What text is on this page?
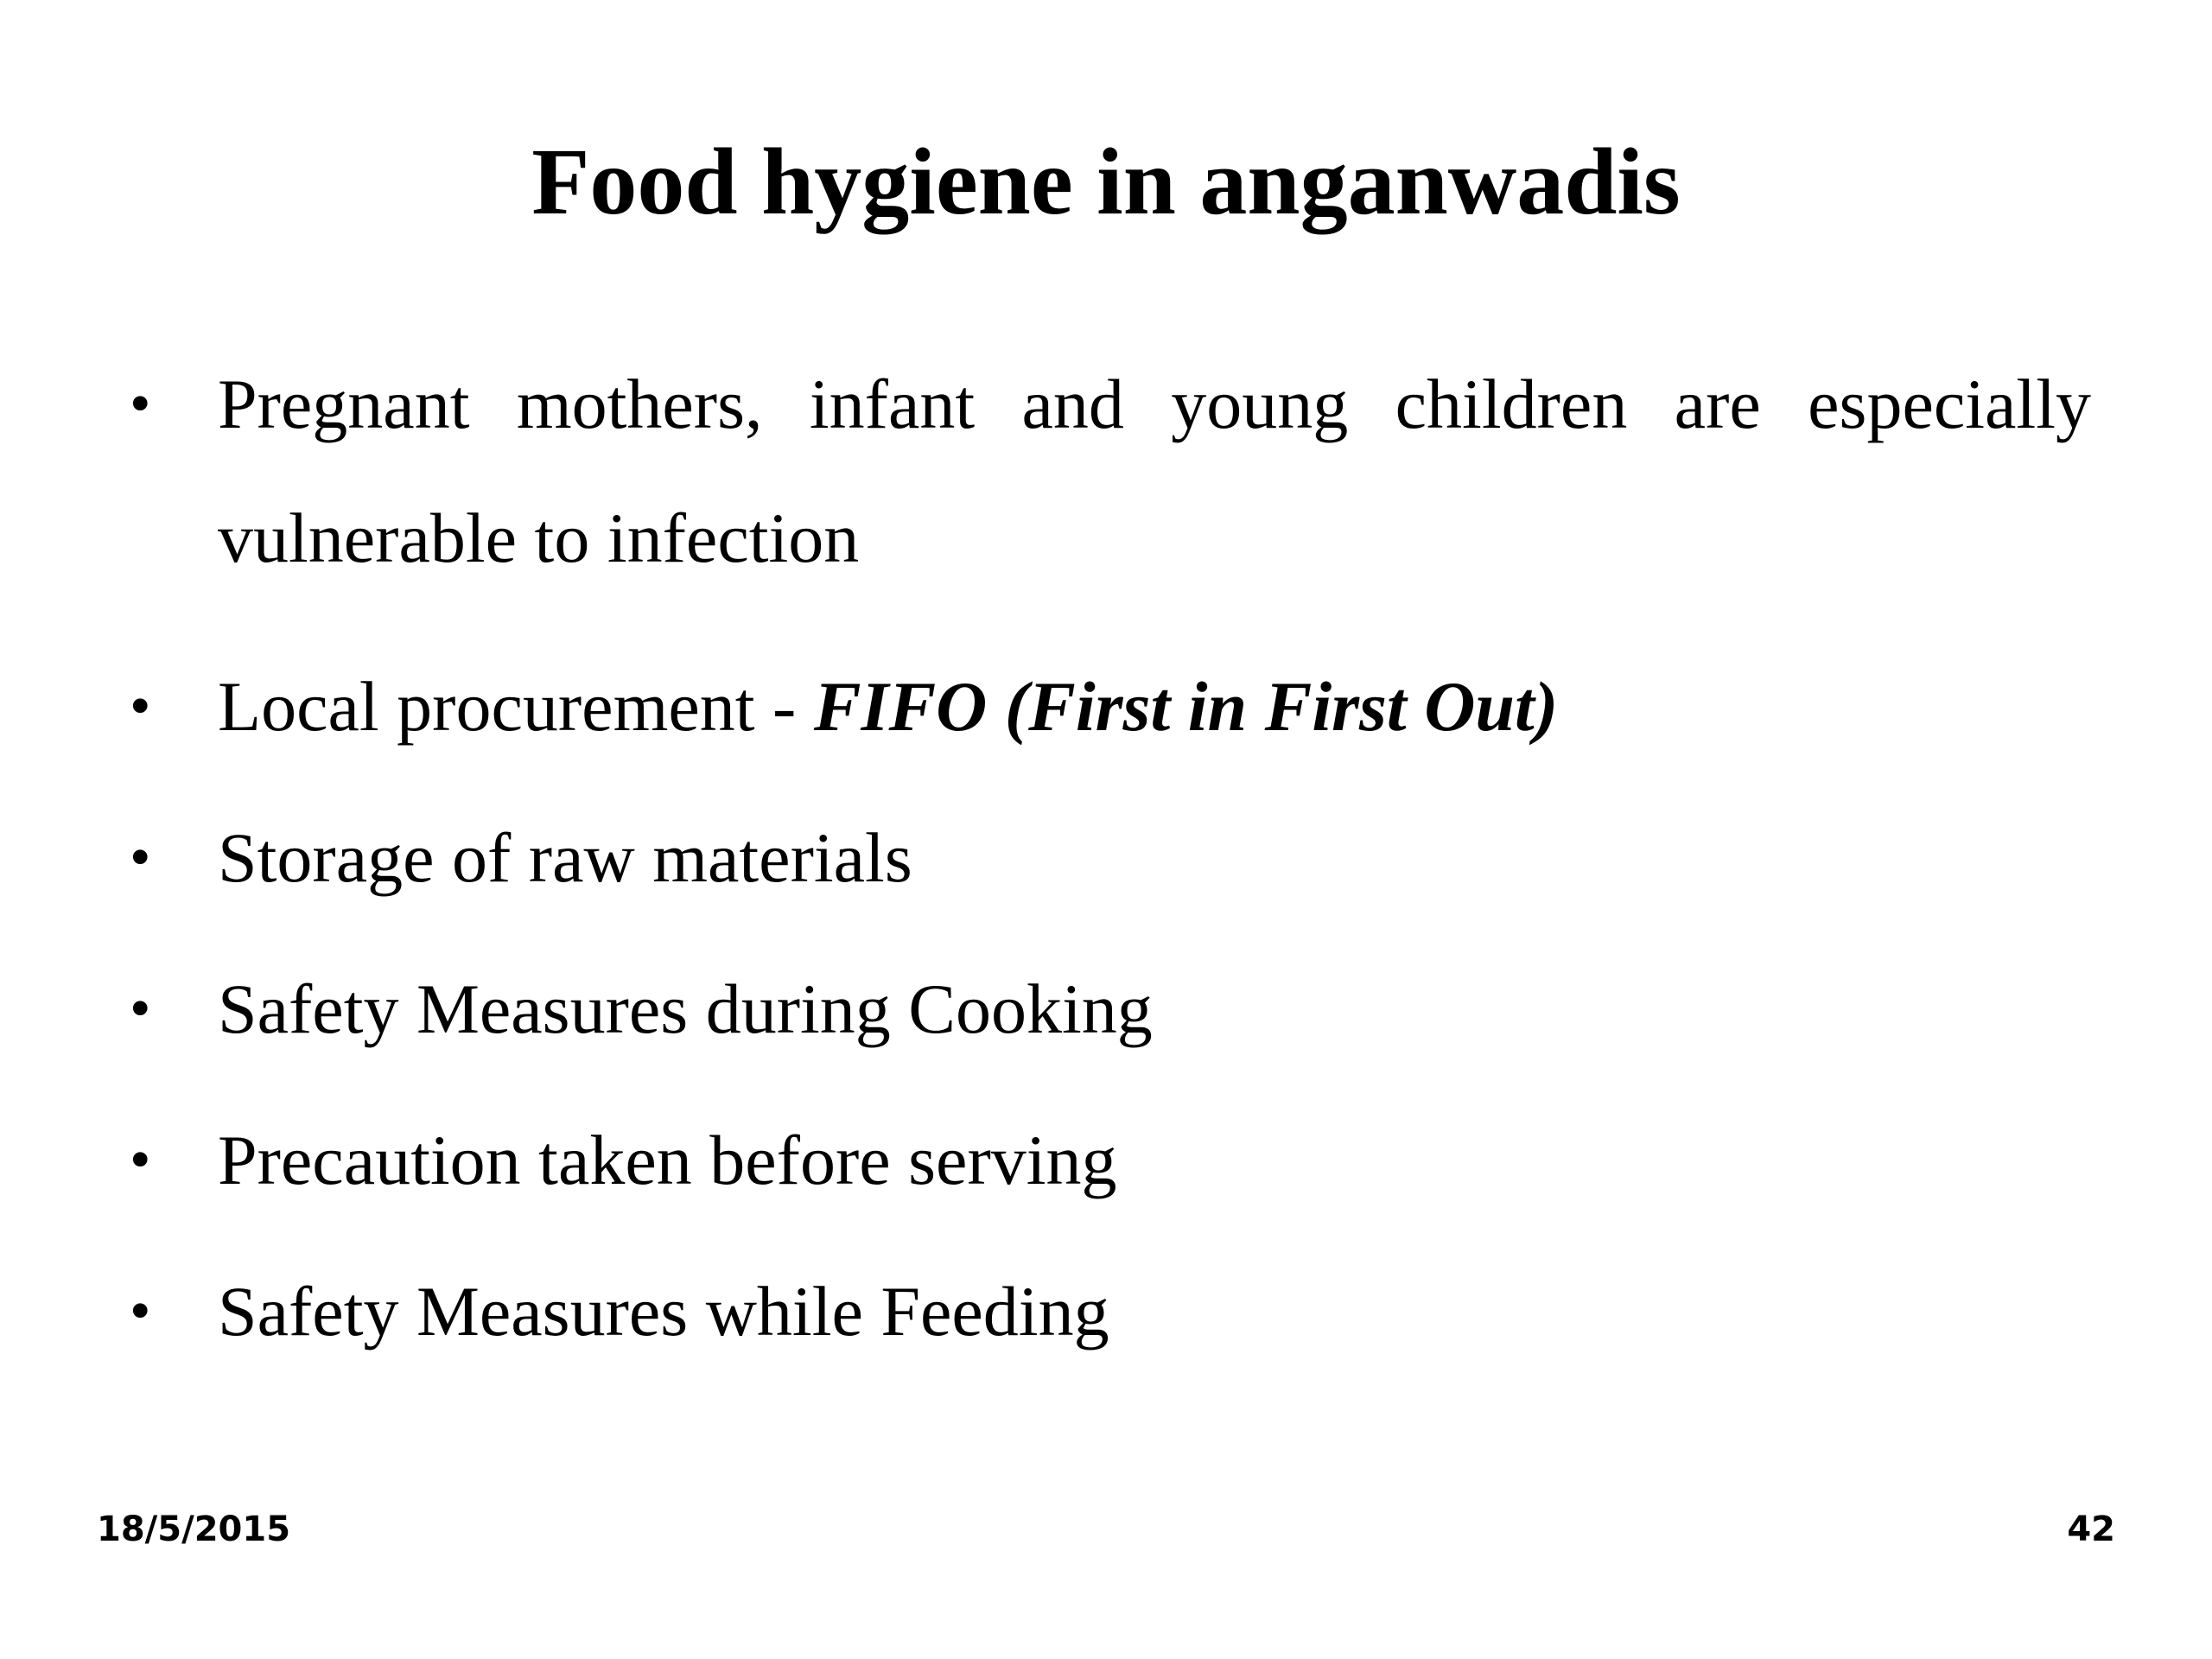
Food hygiene in anganwadis
• Pregnant mothers, infant and young children are especially
vulnerable to infection
• Local procurement - FIFO (First in First Out)
• Storage of raw materials
• Safety Measures during Cooking
• Precaution taken before serving
• Safety Measures while Feeding
18/5/2015	42
